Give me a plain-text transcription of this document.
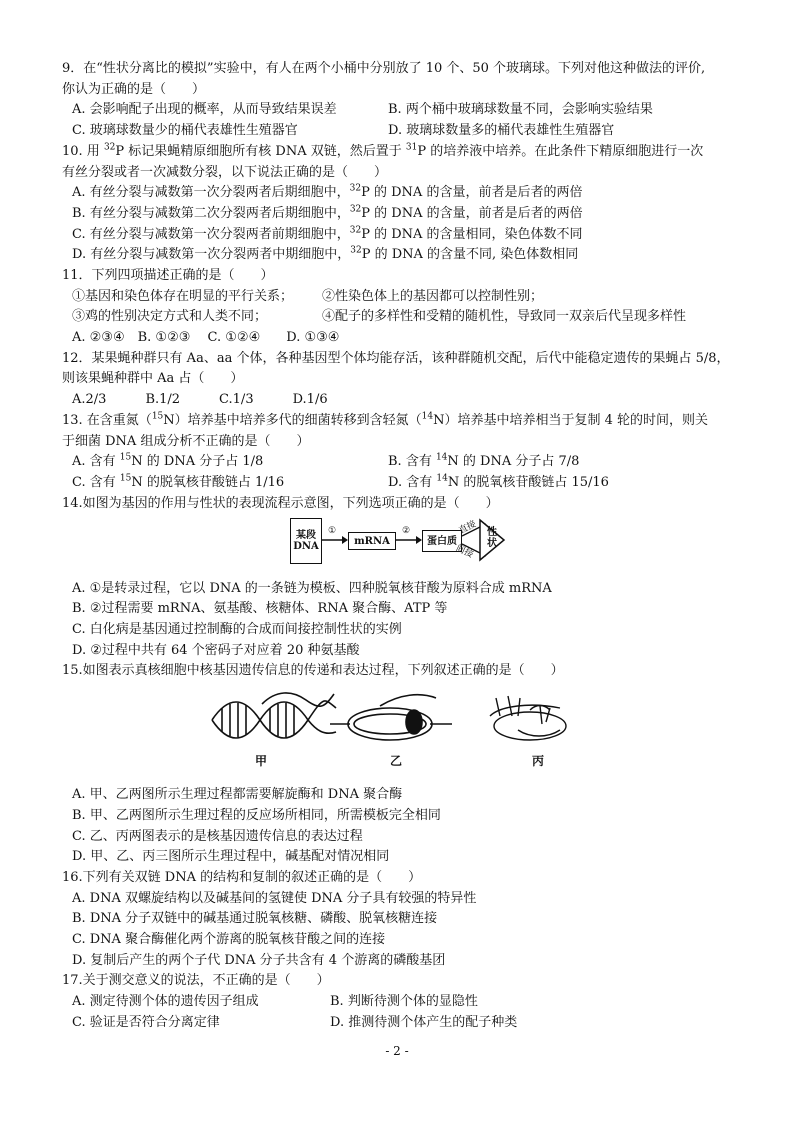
9．在“性状分离比的模拟”实验中，有人在两个小桶中分别放了 10 个、50 个玻璃球。下列对他这种做法的评价,
你认为正确的是（　　）
A. 会影响配子出现的概率，从而导致结果误差	B. 两个桶中玻璃球数量不同，会影响实验结果
C. 玻璃球数量少的桶代表雄性生殖器官	D. 玻璃球数量多的桶代表雄性生殖器官
10. 用 $^{32}$P 标记果蝇精原细胞所有核 DNA 双链，然后置于 $^{31}$P 的培养液中培养。在此条件下精原细胞进行一次
有丝分裂或者一次减数分裂，以下说法正确的是（　　）
A. 有丝分裂与减数第一次分裂两者后期细胞中，$^{32}$P 的 DNA 的含量，前者是后者的两倍
B. 有丝分裂与减数第二次分裂两者后期细胞中，$^{32}$P 的 DNA 的含量，前者是后者的两倍
C. 有丝分裂与减数第一次分裂两者前期细胞中，$^{32}$P 的 DNA 的含量相同，染色体数不同
D. 有丝分裂与减数第一次分裂两者中期细胞中，$^{32}$P 的 DNA 的含量不同, 染色体数相同
11．下列四项描述正确的是（　　）
①基因和染色体存在明显的平行关系； ②性染色体上的基因都可以控制性别；
③鸡的性别决定方式和人类不同；	④配子的多样性和受精的随机性，导致同一双亲后代呈现多样性
A. ②③④　B. ①②③　 C. ①②④　　D. ①③④
12．某果蝇种群只有 Aa、aa 个体，各种基因型个体均能存活，该种群随机交配，后代中能稳定遗传的果蝇占 5/8，
则该果蝇种群中 Aa 占（　　）
A.2/3　　　B.1/2　　　C.1/3　　　D.1/6
13. 在含重氮（$^{15}$N）培养基中培养多代的细菌转移到含轻氮（$^{14}$N）培养基中培养相当于复制 4 轮的时间，则关
于细菌 DNA 组成分析不正确的是（　　）
A. 含有 $^{15}$N 的 DNA 分子占 1/8	B. 含有 $^{14}$N 的 DNA 分子占 7/8
C. 含有 $^{15}$N 的脱氧核苷酸链占 1/16	D. 含有 $^{14}$N 的脱氧核苷酸链占 15/16
14.如图为基因的作用与性状的表现流程示意图，下列选项正确的是（　　）
某段DNA
①
mRNA
②
蛋白质
直接
间接
性状
A. ①是转录过程，它以 DNA 的一条链为模板、四种脱氧核苷酸为原料合成 mRNA
B. ②过程需要 mRNA、氨基酸、核糖体、RNA 聚合酶、ATP 等
C. 白化病是基因通过控制酶的合成而间接控制性状的实例
D. ②过程中共有 64 个密码子对应着 20 种氨基酸
15.如图表示真核细胞中核基因遗传信息的传递和表达过程，下列叙述正确的是（　　）
甲	乙	丙
A. 甲、乙两图所示生理过程都需要解旋酶和 DNA 聚合酶
B. 甲、乙两图所示生理过程的反应场所相同，所需模板完全相同
C. 乙、丙两图表示的是核基因遗传信息的表达过程
D. 甲、乙、丙三图所示生理过程中，碱基配对情况相同
16.下列有关双链 DNA 的结构和复制的叙述正确的是（　　）
A. DNA 双螺旋结构以及碱基间的氢键使 DNA 分子具有较强的特异性
B. DNA 分子双链中的碱基通过脱氧核糖、磷酸、脱氧核糖连接
C. DNA 聚合酶催化两个游离的脱氧核苷酸之间的连接
D. 复制后产生的两个子代 DNA 分子共含有 4 个游离的磷酸基团
17.关于测交意义的说法，不正确的是（　　）
A. 测定待测个体的遗传因子组成	B. 判断待测个体的显隐性
C. 验证是否符合分离定律	D. 推测待测个体产生的配子种类
- 2 -
